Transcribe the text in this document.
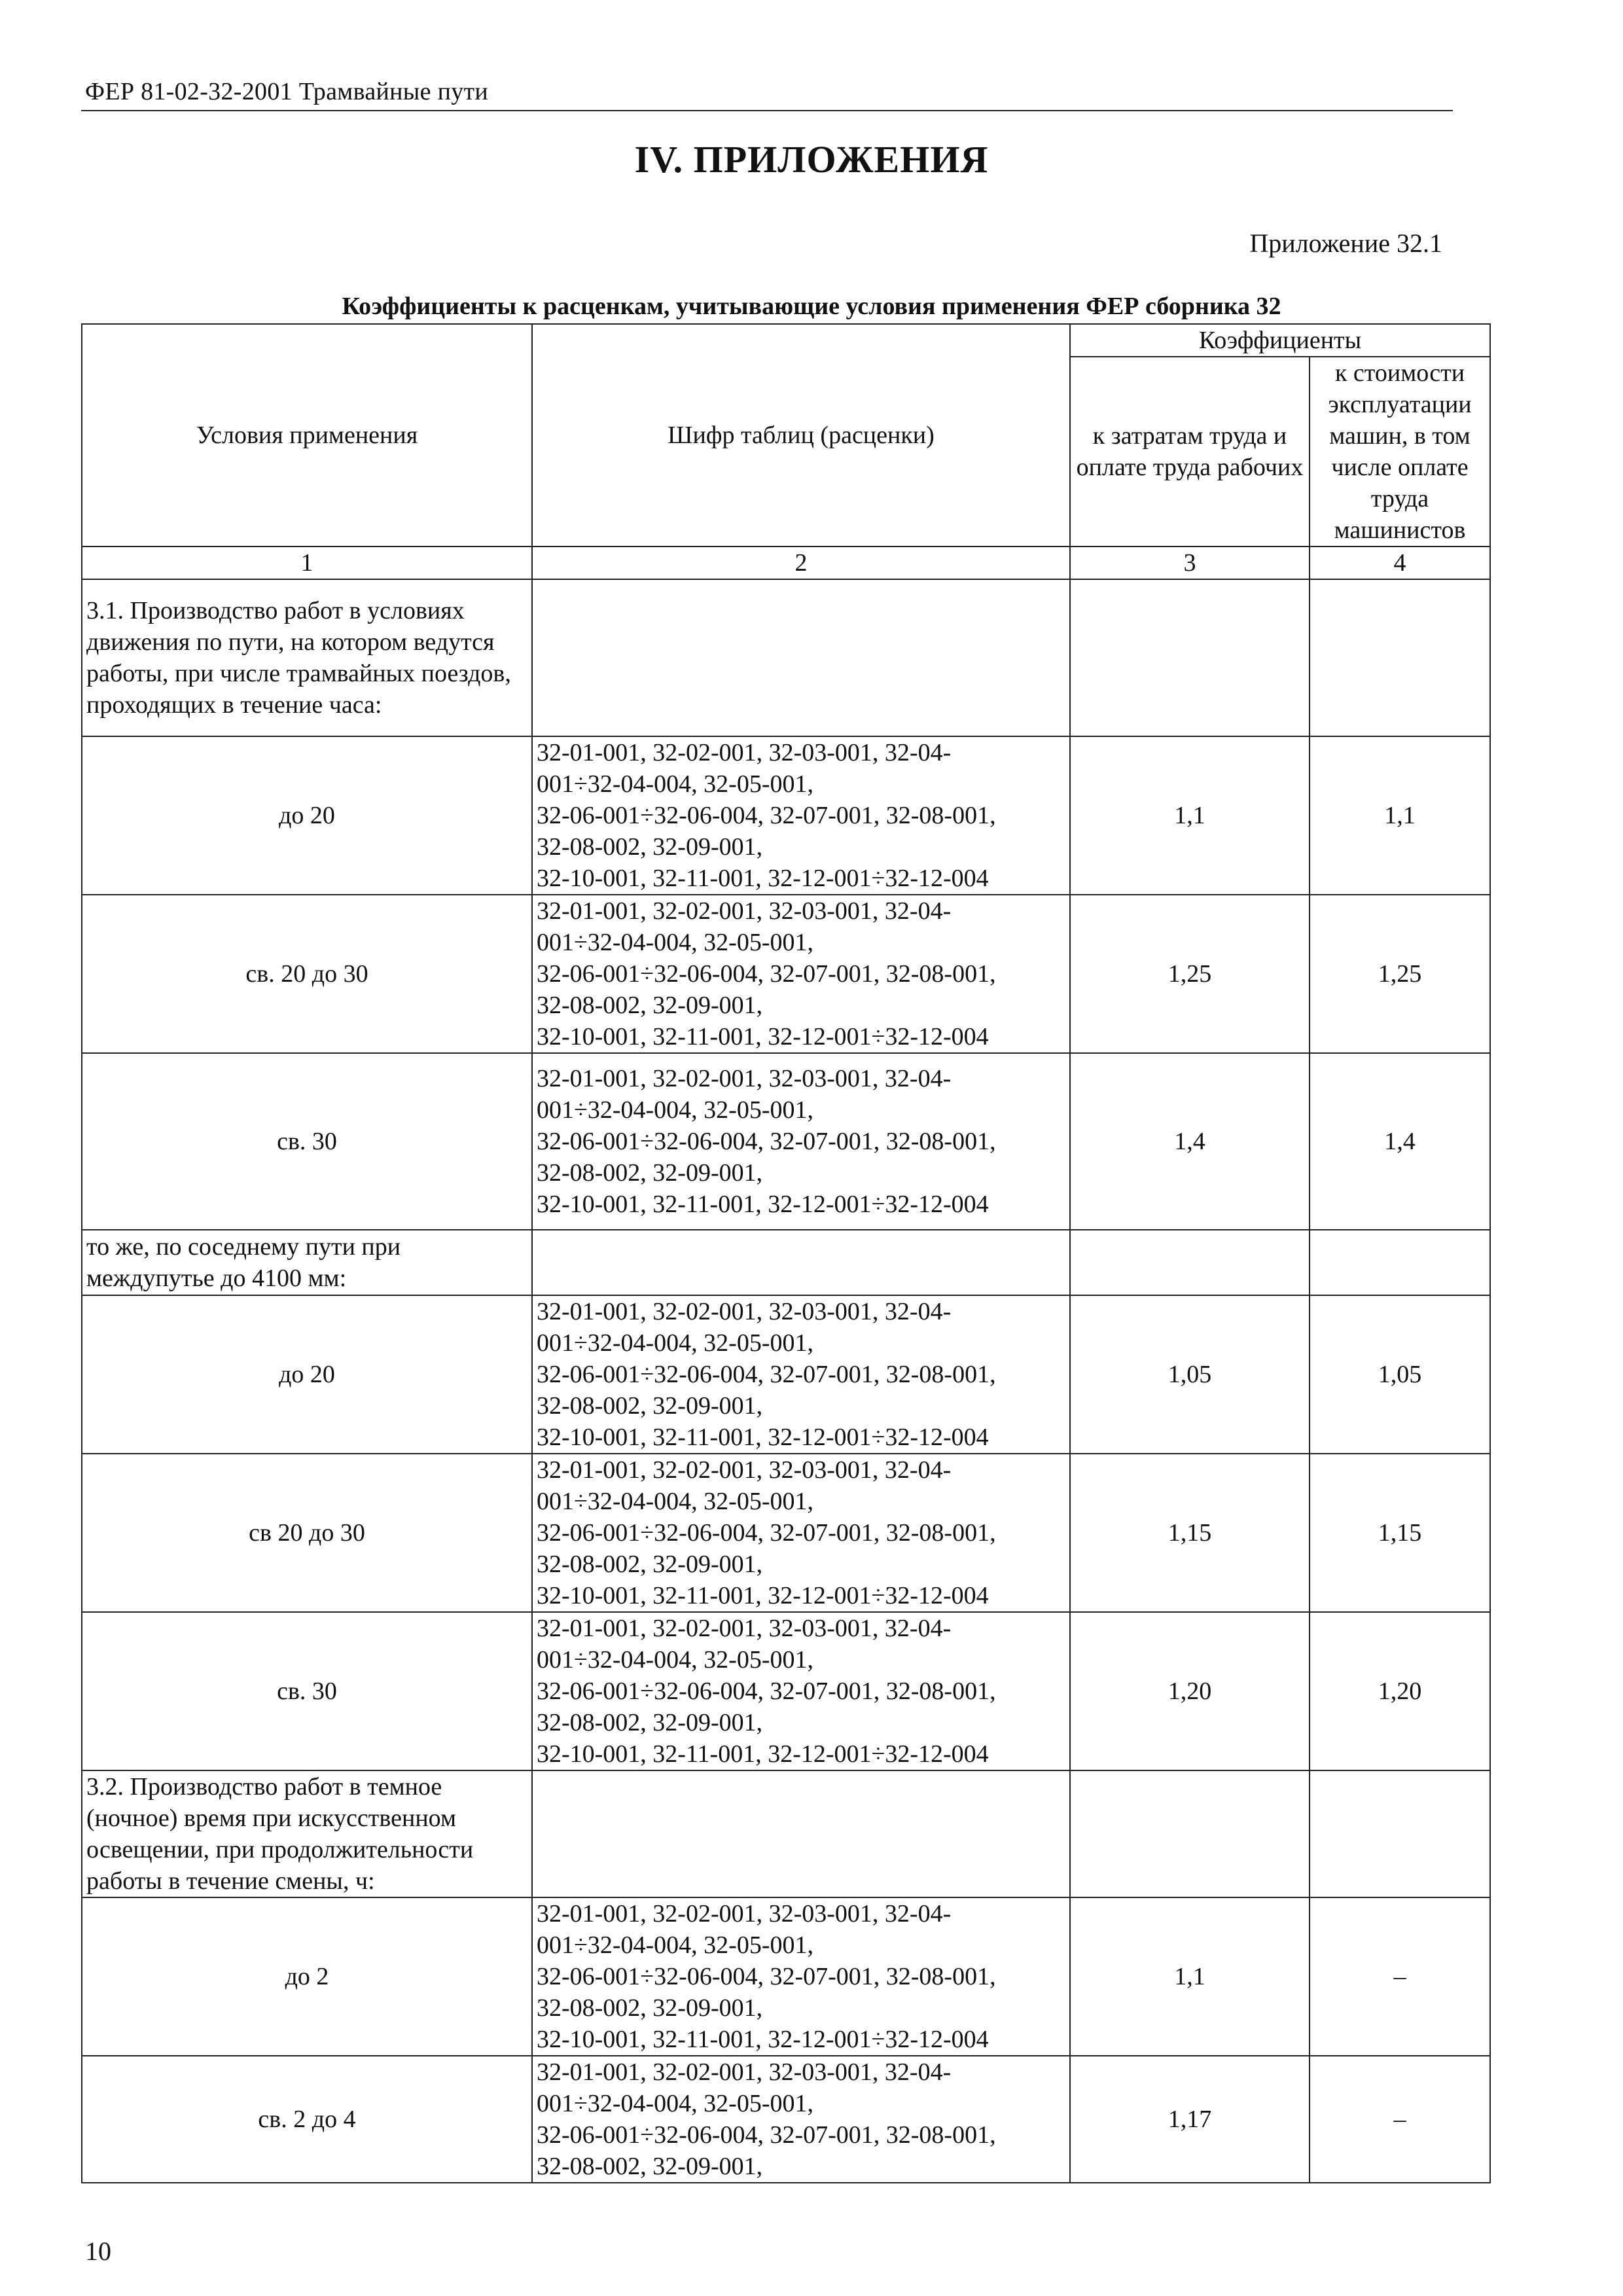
ФЕР 81-02-32-2001 Трамвайные пути
IV. ПРИЛОЖЕНИЯ
Приложение 32.1
Коэффициенты к расценкам, учитывающие условия применения ФЕР сборника 32
Условия применения	Шифр таблиц (расценки)	Коэффициенты	
		к затратам труда и оплате труда рабочих	к стоимости эксплуатации машин, в том числе оплате труда машинистов
1	2	3	4
3.1. Производство работ в условиях движения по пути, на котором ведутся работы, при числе трамвайных поездов, проходящих в течение часа:			
до 20	32-01-001, 32-02-001, 32-03-001, 32-04-
001÷32-04-004, 32-05-001,
32-06-001÷32-06-004, 32-07-001, 32-08-001,
32-08-002, 32-09-001,
32-10-001, 32-11-001, 32-12-001÷32-12-004	1,1	1,1
св. 20 до 30	32-01-001, 32-02-001, 32-03-001, 32-04-
001÷32-04-004, 32-05-001,
32-06-001÷32-06-004, 32-07-001, 32-08-001,
32-08-002, 32-09-001,
32-10-001, 32-11-001, 32-12-001÷32-12-004	1,25	1,25
св. 30	32-01-001, 32-02-001, 32-03-001, 32-04-
001÷32-04-004, 32-05-001,
32-06-001÷32-06-004, 32-07-001, 32-08-001,
32-08-002, 32-09-001,
32-10-001, 32-11-001, 32-12-001÷32-12-004	1,4	1,4
то же, по соседнему пути при междупутье до 4100 мм:			
до 20	32-01-001, 32-02-001, 32-03-001, 32-04-
001÷32-04-004, 32-05-001,
32-06-001÷32-06-004, 32-07-001, 32-08-001,
32-08-002, 32-09-001,
32-10-001, 32-11-001, 32-12-001÷32-12-004	1,05	1,05
св 20 до 30	32-01-001, 32-02-001, 32-03-001, 32-04-
001÷32-04-004, 32-05-001,
32-06-001÷32-06-004, 32-07-001, 32-08-001,
32-08-002, 32-09-001,
32-10-001, 32-11-001, 32-12-001÷32-12-004	1,15	1,15
св. 30	32-01-001, 32-02-001, 32-03-001, 32-04-
001÷32-04-004, 32-05-001,
32-06-001÷32-06-004, 32-07-001, 32-08-001,
32-08-002, 32-09-001,
32-10-001, 32-11-001, 32-12-001÷32-12-004	1,20	1,20
3.2. Производство работ в темное (ночное) время при искусственном освещении, при продолжительности работы в течение смены, ч:			
до 2	32-01-001, 32-02-001, 32-03-001, 32-04-
001÷32-04-004, 32-05-001,
32-06-001÷32-06-004, 32-07-001, 32-08-001,
32-08-002, 32-09-001,
32-10-001, 32-11-001, 32-12-001÷32-12-004	1,1	–
св. 2 до 4	32-01-001, 32-02-001, 32-03-001, 32-04-
001÷32-04-004, 32-05-001,
32-06-001÷32-06-004, 32-07-001, 32-08-001,
32-08-002, 32-09-001,	1,17	–
10
